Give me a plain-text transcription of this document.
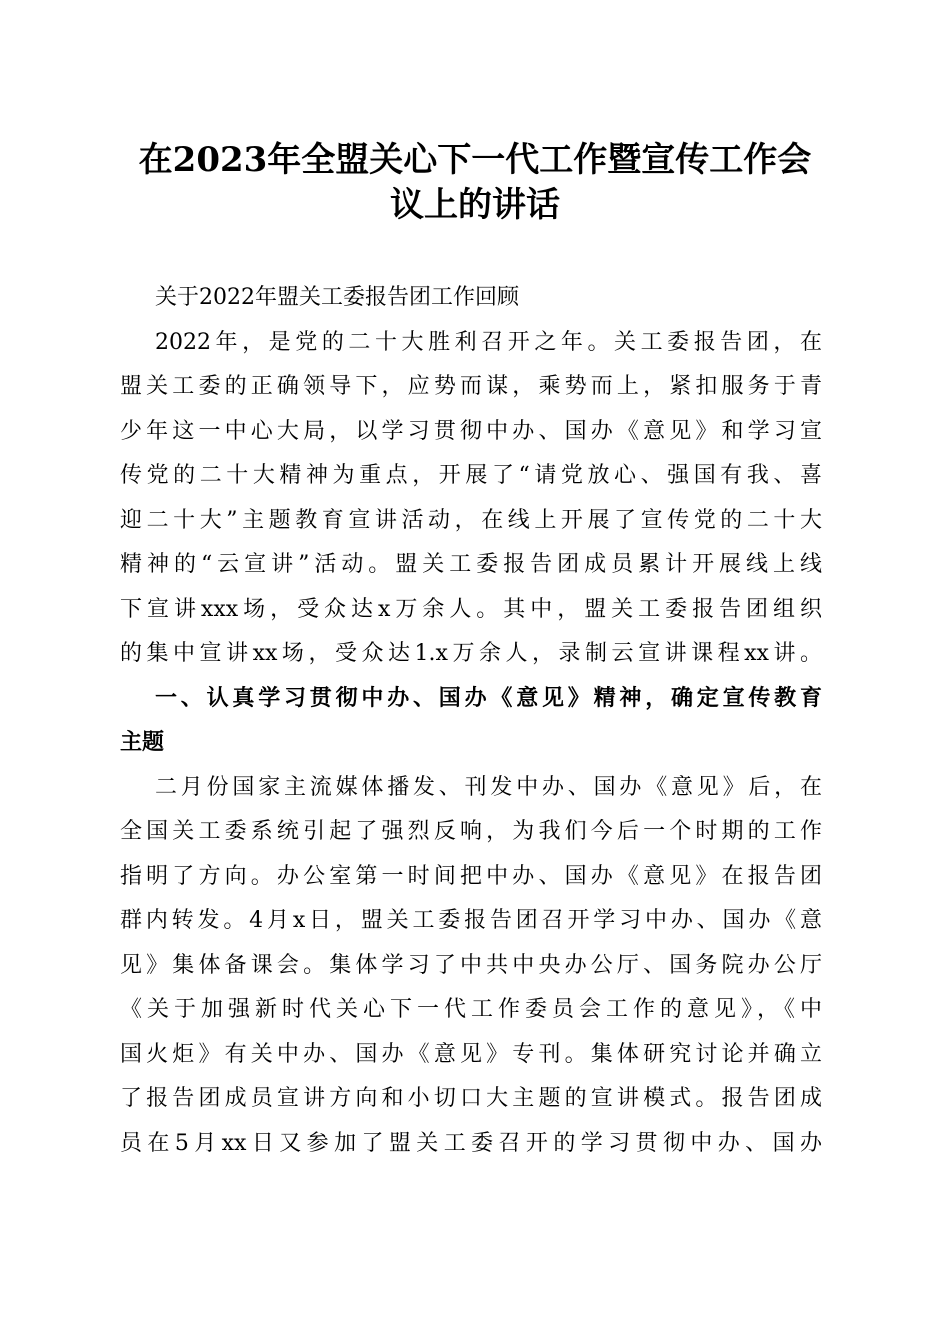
在2023年全盟关心下一代工作暨宣传工作会
议上的讲话
关于2022年盟关工委报告团工作回顾
2022年，是党的二十大胜利召开之年。关工委报告团，在
盟关工委的正确领导下，应势而谋，乘势而上，紧扣服务于青
少年这一中心大局，以学习贯彻中办、国办《意见》和学习宣
传党的二十大精神为重点，开展了“请党放心、强国有我、喜
迎二十大”主题教育宣讲活动，在线上开展了宣传党的二十大
精神的“云宣讲”活动。盟关工委报告团成员累计开展线上线
下宣讲xxx场，受众达x万余人。其中，盟关工委报告团组织
的集中宣讲xx场，受众达1.x万余人，录制云宣讲课程xx讲。
一、认真学习贯彻中办、国办《意见》精神，确定宣传教育
主题
二月份国家主流媒体播发、刊发中办、国办《意见》后，在
全国关工委系统引起了强烈反响，为我们今后一个时期的工作
指明了方向。办公室第一时间把中办、国办《意见》在报告团
群内转发。4月x日，盟关工委报告团召开学习中办、国办《意
见》集体备课会。集体学习了中共中央办公厅、国务院办公厅
《关于加强新时代关心下一代工作委员会工作的意见》，《中
国火炬》有关中办、国办《意见》专刊。集体研究讨论并确立
了报告团成员宣讲方向和小切口大主题的宣讲模式。报告团成
员在5月xx日又参加了盟关工委召开的学习贯彻中办、国办
